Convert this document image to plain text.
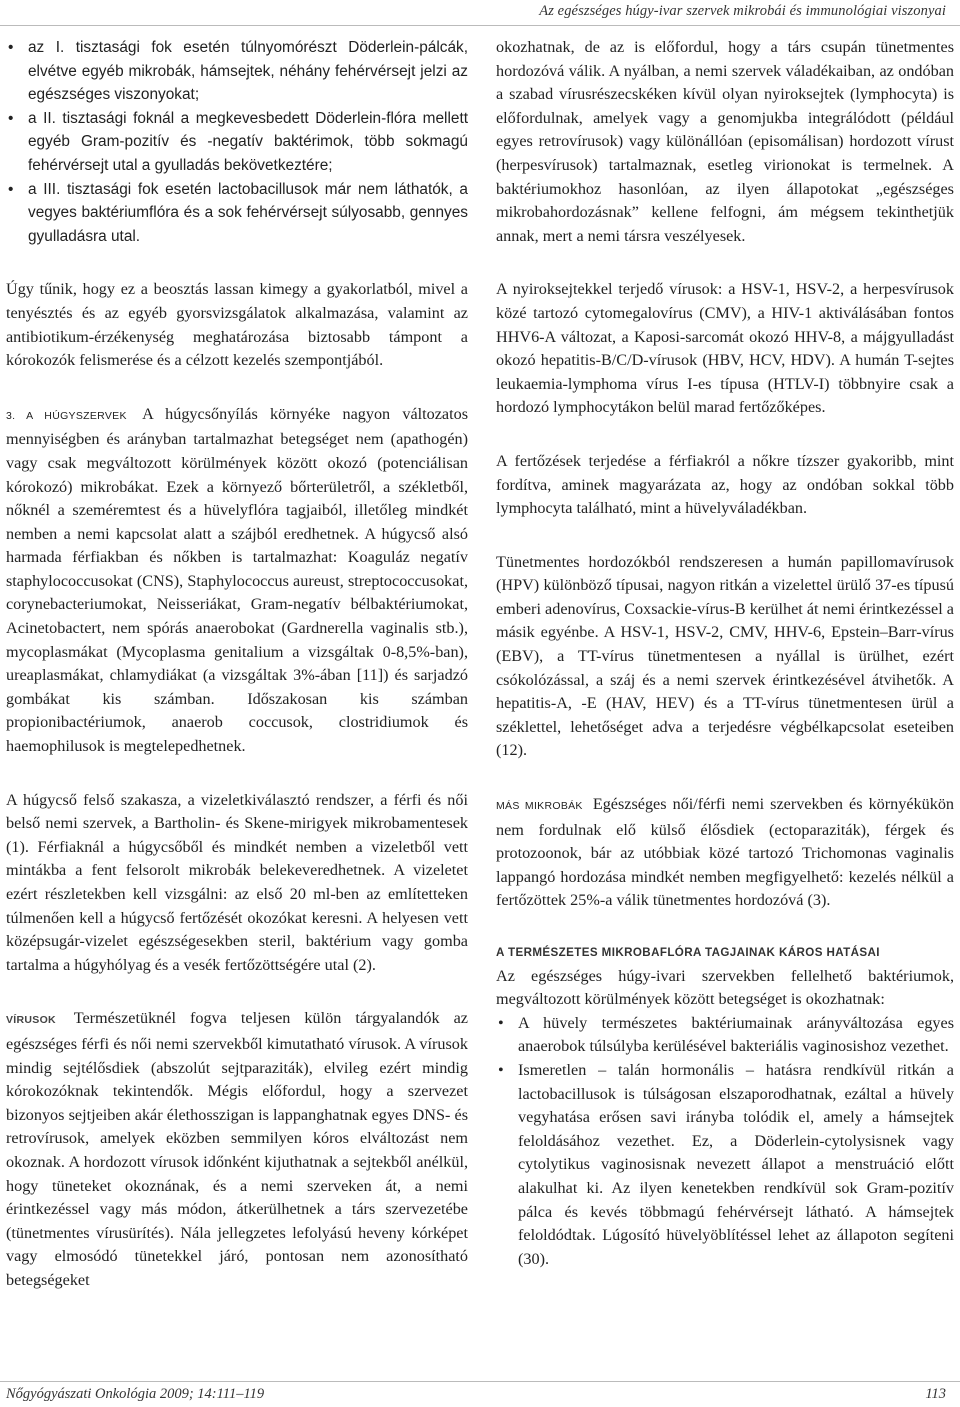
Az egészséges húgy-ivar szervek mikrobái és immunológiai viszonyai
• az I. tisztasági fok esetén túlnyomórészt Döderlein-pálcák, elvétve egyéb mikrobák, hámsejtek, néhány fehérvérsejt jelzi az egészséges viszonyokat;
• a II. tisztasági foknál a megkevesbedett Döderlein-flóra mellett egyéb Gram-pozitív és -negatív baktérimok, több sokmagú fehérvérsejt utal a gyulladás bekövetkeztére;
• a III. tisztasági fok esetén lactobacillusok már nem láthatók, a vegyes baktériumflóra és a sok fehérvérsejt súlyosabb, gennyes gyulladásra utal.

Úgy tűnik, hogy ez a beosztás lassan kimegy a gyakorlatból, mivel a tenyésztés és az egyéb gyorsvizsgálatok alkalmazása, valamint az antibiotikum-érzékenység meghatározása biztosabb támpont a kórokozók felismerése és a célzott kezelés szempontjából.

3. A HÚGYSZERVEK A húgycsőnyílás környéke nagyon változatos mennyiségben és arányban tartalmazhat betegséget nem (apathogén) vagy csak megváltozott körülmények között okozó (potenciálisan kórokozó) mikrobákat. Ezek a környező bőrterületről, a székletből, nőknél a szeméremtest és a hüvelyflóra tagjaiból, illetőleg mindkét nemben a nemi kapcsolat alatt a szájból eredhetnek. A húgycső alsó harmada férfiakban és nőkben is tartalmazhat: Koaguláz negatív staphylococcusokat (CNS), Staphylococcus aureust, streptococcusokat, corynebacteriumokat, Neisseriákat, Gram-negatív bélbaktériumokat, Acinetobactert, nem spórás anaerobokat (Gardnerella vaginalis stb.), mycoplasmákat (Mycoplasma genitalium a vizsgáltak 0-8,5%-ban), ureaplasmákat, chlamydiákat (a vizsgáltak 3%-ában [11]) és sarjadzó gombákat kis számban. Időszakosan kis számban propionibactériumok, anaerob coccusok, clostridiumok és haemophilusok is megtelepedhetnek.

A húgycső felső szakasza, a vizeletkiválasztó rendszer, a férfi és női belső nemi szervek, a Bartholin- és Skene-mirigyek mikrobamentesek (1). Férfiaknál a húgycsőből és mindkét nemben a vizeletből vett mintákba a fent felsorolt mikrobák belekeveredhetnek. A vizeletet ezért részletekben kell vizsgálni: az első 20 ml-ben az említetteken túlmenően kell a húgycső fertőzését okozókat keresni. A helyesen vett középsugár-vizelet egészségesekben steril, baktérium vagy gomba tartalma a húgyhólyag és a vesék fertőzöttségére utal (2).

VÍRUSOK Természetüknél fogva teljesen külön tárgyalandók az egészséges férfi és női nemi szervekből kimutatható vírusok. A vírusok mindig sejtélősdiek (abszolút sejtparaziták), elvileg ezért mindig kórokozóknak tekintendők. Mégis előfordul, hogy a szervezet bizonyos sejtjeiben akár élethosszigan is lappanghatnak egyes DNS- és retrovírusok, amelyek eközben semmilyen kóros elváltozást nem okoznak. A hordozott vírusok időnként kijuthatnak a sejtekből anélkül, hogy tüneteket okoznának, és a nemi szerveken át, a nemi érintkezéssel vagy más módon, átkerülhetnek a társ szervezetébe (tünetmentes vírusürítés). Nála jellegzetes lefolyású heveny kórképet vagy elmosódó tünetekkel járó, pontosan nem azonosítható betegségeket

okozhatnak, de az is előfordul, hogy a társ csupán tünetmentes hordozóvá válik. A nyálban, a nemi szervek váladékaiban, az ondóban a szabad vírusrészecskéken kívül olyan nyiroksejtek (lymphocyta) is előfordulnak, amelyek vagy a genomjukba integrálódott (például egyes retrovírusok) vagy különállóan (episomálisan) hordozott vírust (herpesvírusok) tartalmaznak, esetleg virionokat is termelnek. A baktériumokhoz hasonlóan, az ilyen állapotokat „egészséges mikrobahordozásnak” kellene felfogni, ám mégsem tekinthetjük annak, mert a nemi társra veszélyesek.

A nyiroksejtekkel terjedő vírusok: a HSV-1, HSV-2, a herpesvírusok közé tartozó cytomegalovírus (CMV), a HIV-1 aktiválásában fontos HHV6-A változat, a Kaposi-sarcomát okozó HHV-8, a májgyulladást okozó hepatitis-B/C/D-vírusok (HBV, HCV, HDV). A humán T-sejtes leukaemia-lymphoma vírus I-es típusa (HTLV-I) többnyire csak a hordozó lymphocytákon belül marad fertőzőképes.

A fertőzések terjedése a férfiakról a nőkre tízszer gyakoribb, mint fordítva, aminek magyarázata az, hogy az ondóban sokkal több lymphocyta található, mint a hüvelyváladékban.

Tünetmentes hordozókból rendszeresen a humán papillomavírusok (HPV) különböző típusai, nagyon ritkán a vizelettel ürülő 37-es típusú emberi adenovírus, Coxsackie-vírus-B kerülhet át nemi érintkezéssel a másik egyénbe. A HSV-1, HSV-2, CMV, HHV-6, Epstein–Barr-vírus (EBV), a TT-vírus tünetmentesen a nyállal is ürülhet, ezért csókolózással, a száj és a nemi szervek érintkezésével átvihetők. A hepatitis-A, -E (HAV, HEV) és a TT-vírus tünetmentesen ürül a széklettel, lehetőséget adva a terjedésre végbélkapcsolat eseteiben (12).

MÁS MIKROBÁK Egészséges női/férfi nemi szervekben és környékükön nem fordulnak elő külső élősdiek (ectoparaziták), férgek és protozoonok, bár az utóbbiak közé tartozó Trichomonas vaginalis lappangó hordozása mindkét nemben megfigyelhető: kezelés nélkül a fertőzöttek 25%-a válik tünetmentes hordozóvá (3).

A TERMÉSZETES MIKROBAFLÓRA TAGJAINAK KÁROS HATÁSAI

Az egészséges húgy-ivari szervekben fellelhető baktériumok, megváltozott körülmények között betegséget is okozhatnak:

• A hüvely természetes baktériumainak arányváltozása egyes anaerobok túlsúlyba kerülésével bakteriális vaginosishoz vezethet.
• Ismeretlen – talán hormonális – hatásra rendkívül ritkán a lactobacillusok is túlságosan elszaporodhatnak, ezáltal a hüvely vegyhatása erősen savi irányba tolódik el, amely a hámsejtek feloldásához vezethet. Ez, a Döderlein-cytolysisnek vagy cytolytikus vaginosisnak nevezett állapot a menstruáció előtt alakulhat ki. Az ilyen kenetekben rendkívül sok Gram-pozitív pálca és kevés többmagú fehérvérsejt látható. A hámsejtek feloldódtak. Lúgosító hüvelyöblítéssel lehet az állapoton segíteni (30).
Nőgyógyászati Onkológia 2009; 14:111–119	113
